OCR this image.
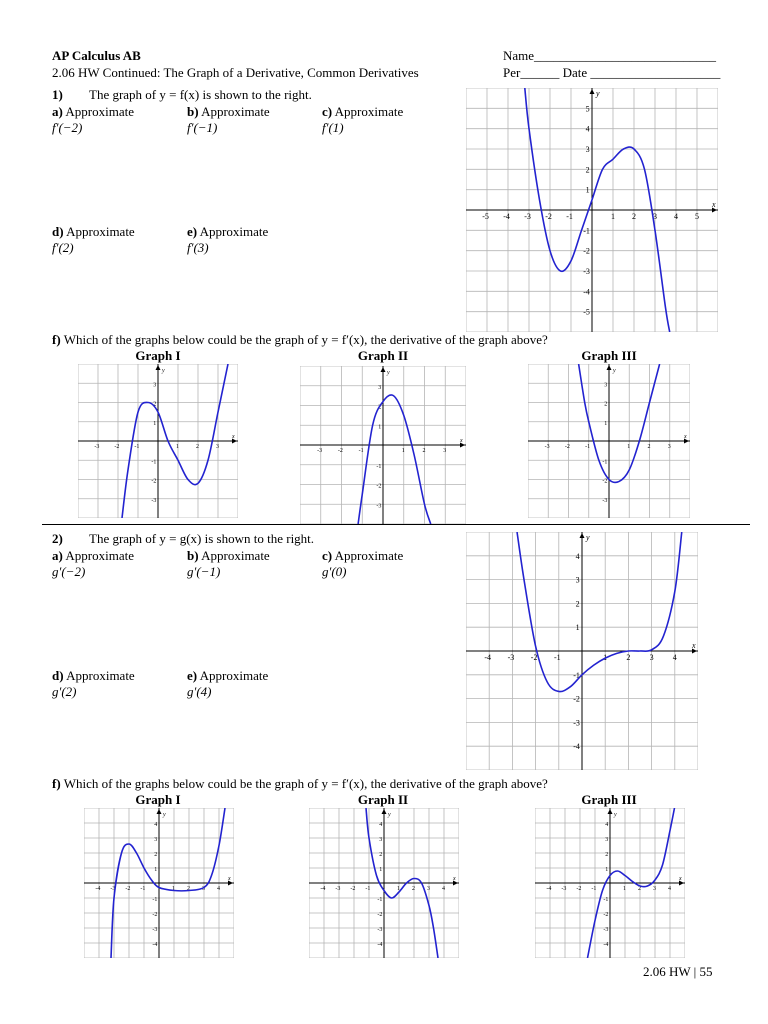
AP Calculus AB
2.06 HW Continued: The Graph of a Derivative, Common Derivatives
Name____________________________
Per______ Date ____________________
1) The graph of y = f(x) is shown to the right.
a) Approximate
f′(−2)
b) Approximate
f′(−1)
c) Approximate
f′(1)
d) Approximate
f′(2)
e) Approximate
f′(3)
x
y
-5
-5
-4
-4
-3
-3
-2
-2
-1
-1
1
1
2
2
3
3
4
4
5
5
f) Which of the graphs below could be the graph of y = f′(x), the derivative of the graph above?
Graph I	Graph II	Graph III
x
y
-3
-3
-2
-2
-1
-1
1
1
2
2
3
3
x
y
-3
-3
-2
-2
-1
-1
1
1
2
2
3
3
x
y
-3
-3
-2
-2
-1
-1
1
1
2
2
3
3
2) The graph of y = g(x) is shown to the right.
a) Approximate
g′(−2)
b) Approximate
g′(−1)
c) Approximate
g′(0)
d) Approximate
g′(2)
e) Approximate
g′(4)
x
y
-4
-4
-3
-3
-2
-2
-1
-1
1
1
2
2
3
3
4
4
f) Which of the graphs below could be the graph of y = f′(x), the derivative of the graph above?
Graph I	Graph II	Graph III
x
y
-4
-4
-3
-3
-2
-2
-1
-1
1
1
2
2
3
3
4
4
x
y
-4
-4
-3
-3
-2
-2
-1
-1
1
1
2
2
3
3
4
4
x
y
-4
-4
-3
-3
-2
-2
-1
-1
1
1
2
2
3
3
4
4
2.06 HW | 55
